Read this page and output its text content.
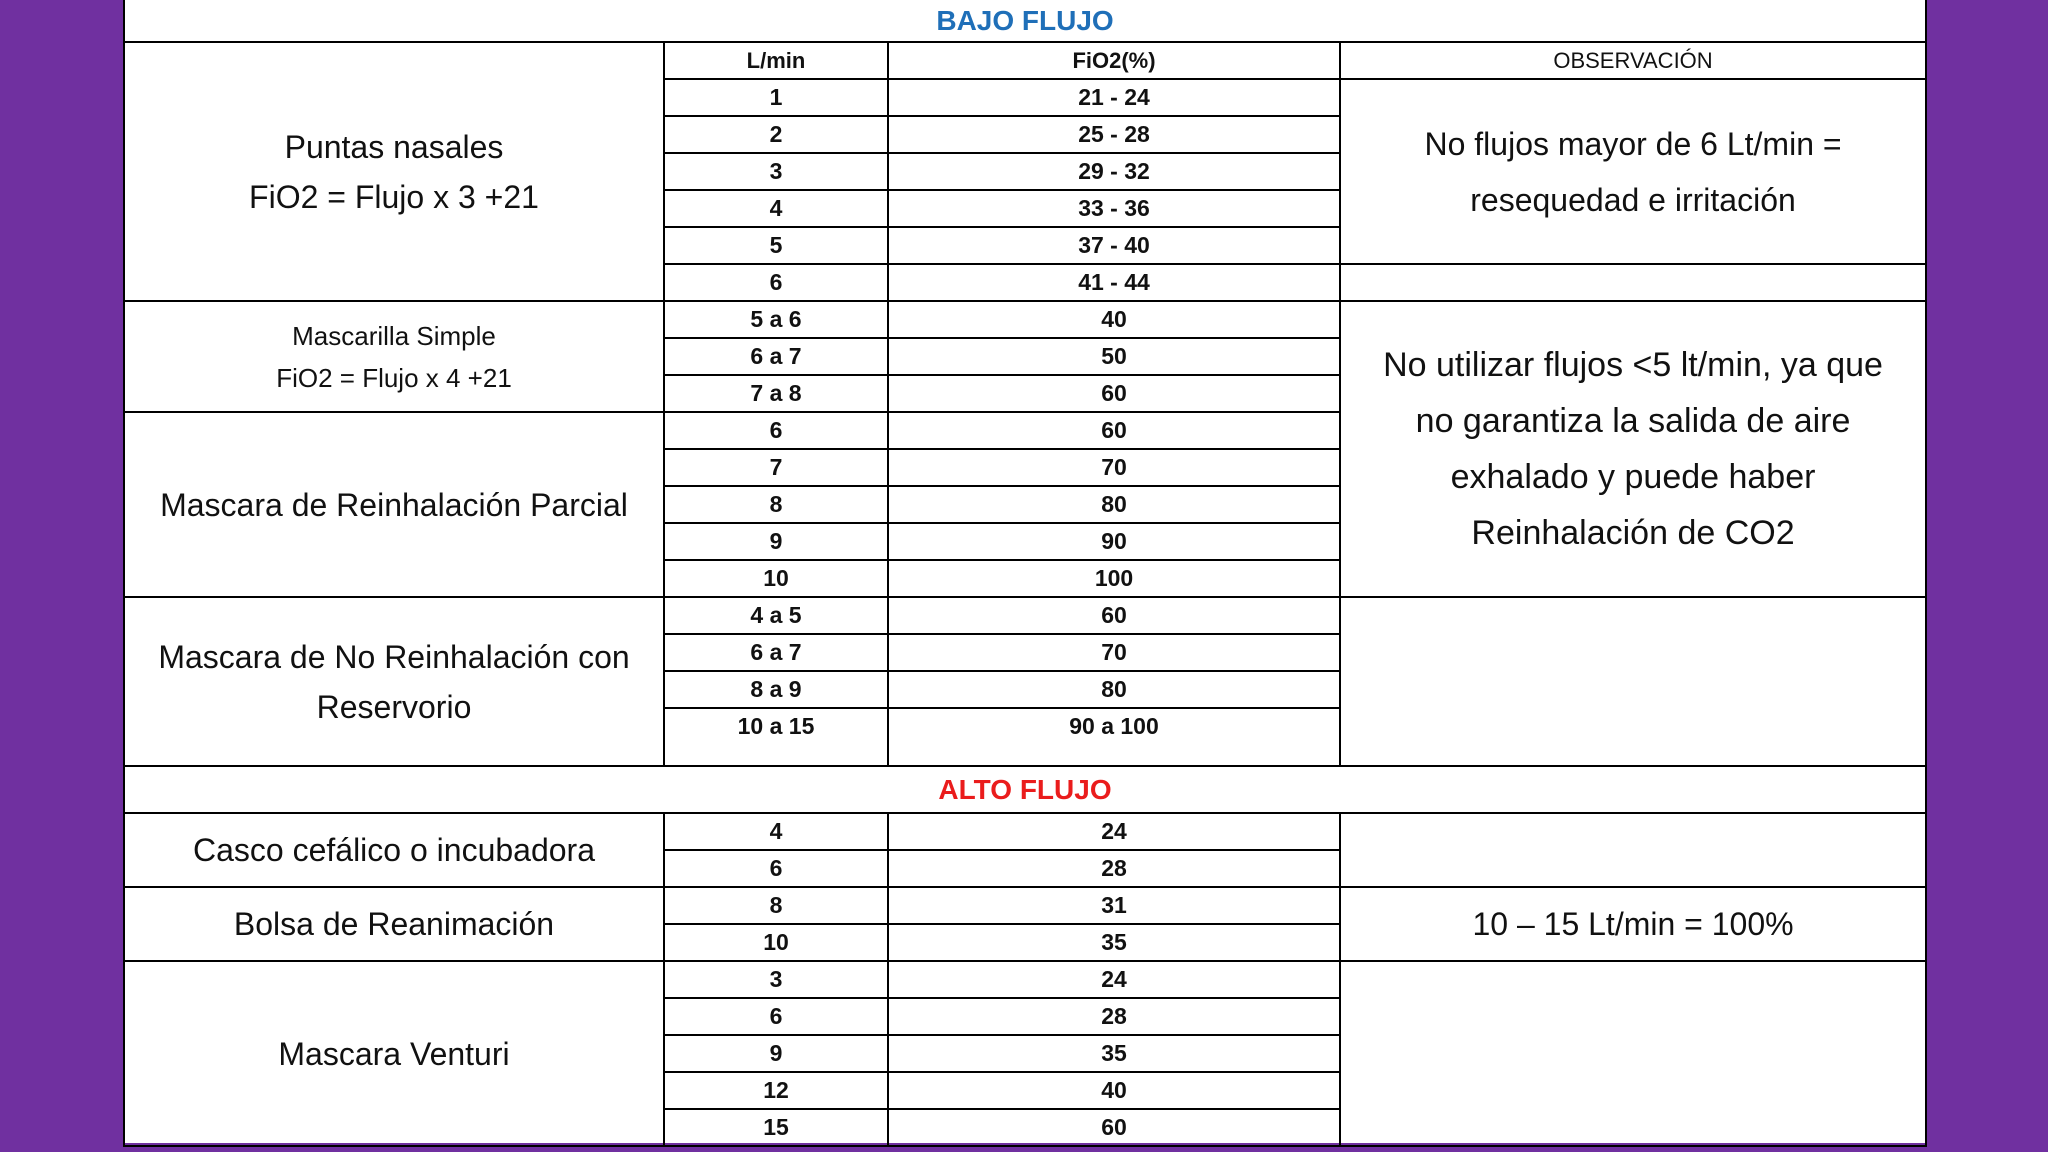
BAJO FLUJO			

Puntas nasales
FiO2 = Flujo x 3 +21	L/min	FiO2(%)	OBSERVACIÓN
	1	21 - 24	No flujos mayor de 6 Lt/min =
resequedad e irritación

	2	25 - 28	
	3	29 - 32	
	4	33 - 36	
	5	37 - 40	
	6	41 - 44	

Mascarilla Simple
FiO2 = Flujo x 4 +21	5 a 6	40	No utilizar flujos <5 lt/min, ya que
no garantiza la salida de aire
exhalado y puede haber
Reinhalación de CO2

	6 a 7	50	
	7 a 8	60	
Mascara de Reinhalación Parcial	6	60	
	7	70	
	8	80	
	9	90	
	10	100	

Mascara de No Reinhalación con
Reservorio	4 a 5	60	
	6 a 7	70	
	8 a 9	80	
	10 a 15	90 a 100	
ALTO FLUJO			
Casco cefálico o incubadora	4	24	
	6	28	
Bolsa de Reanimación	8	31	10 – 15 Lt/min = 100%
	10	35	
Mascara Venturi	3	24	
	6	28	
	9	35	
	12	40	
	15	60	
